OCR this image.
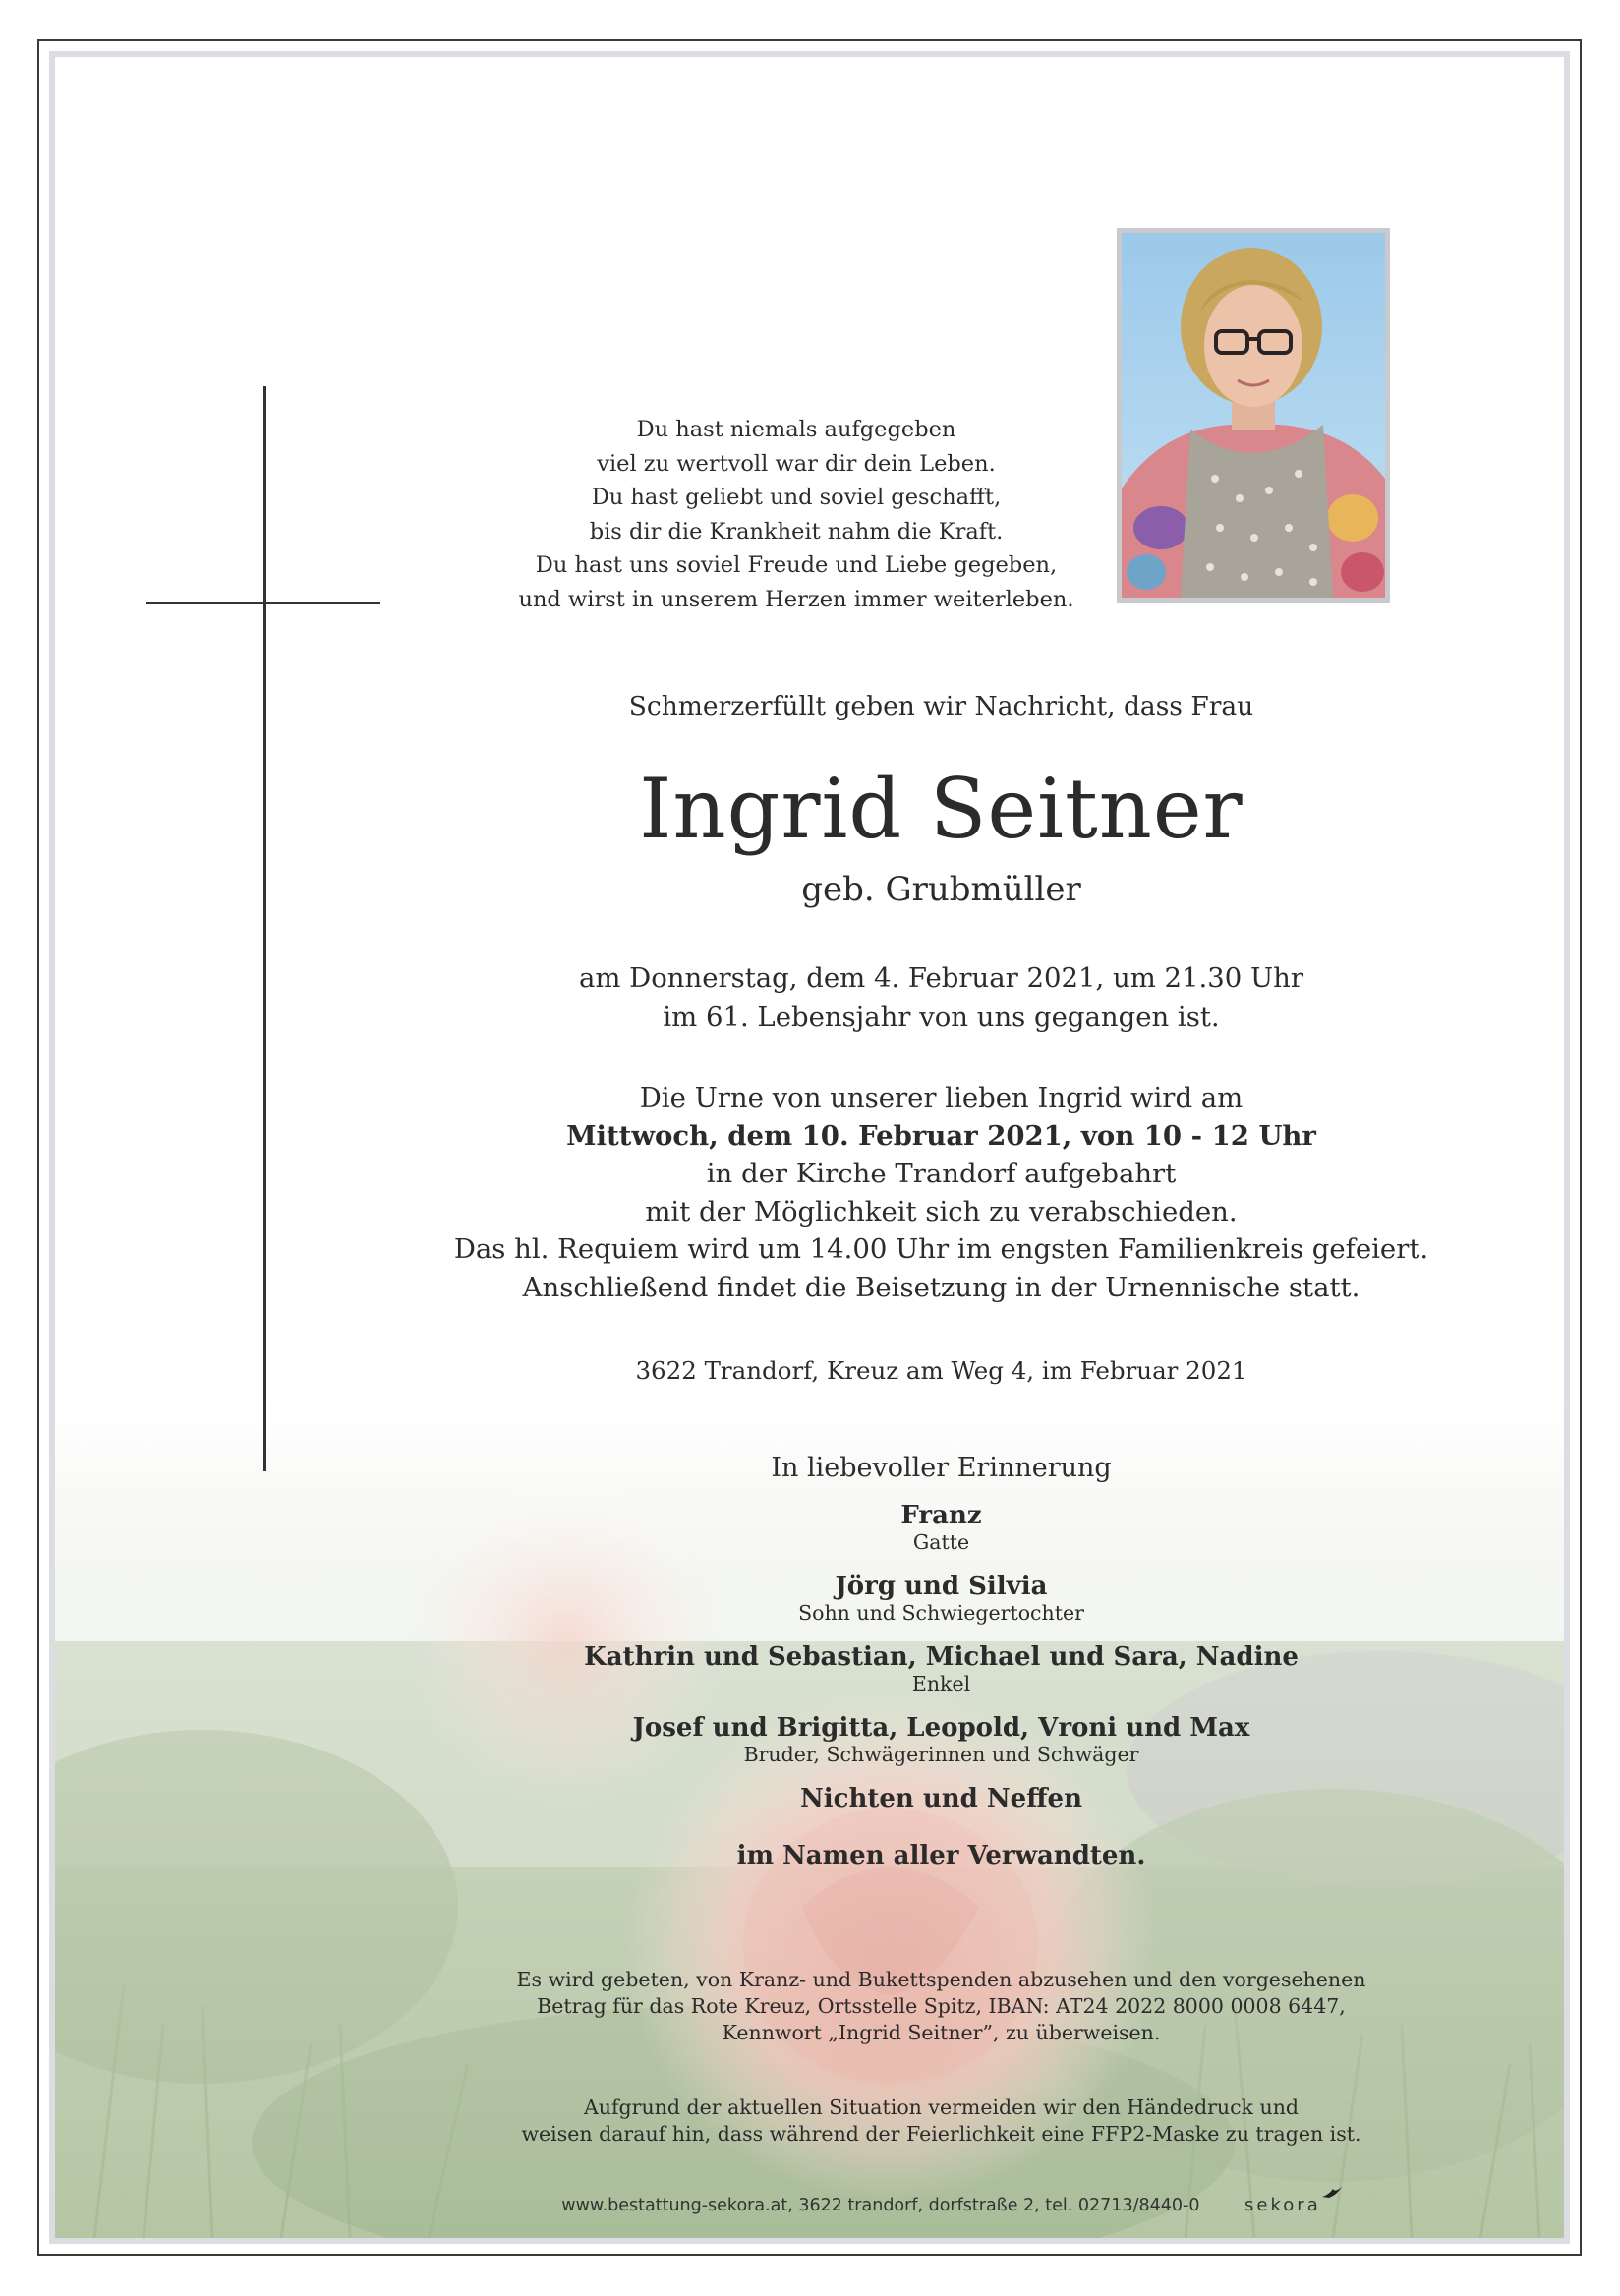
Du hast niemals aufgegeben
viel zu wertvoll war dir dein Leben.
Du hast geliebt und soviel geschafft,
bis dir die Krankheit nahm die Kraft.
Du hast uns soviel Freude und Liebe gegeben,
und wirst in unserem Herzen immer weiterleben.
Schmerzerfüllt geben wir Nachricht, dass Frau
Ingrid Seitner
geb. Grubmüller
am Donnerstag, dem 4. Februar 2021, um 21.30 Uhr
im 61. Lebensjahr von uns gegangen ist.
Die Urne von unserer lieben Ingrid wird am
Mittwoch, dem 10. Februar 2021, von 10 - 12 Uhr
in der Kirche Trandorf aufgebahrt
mit der Möglichkeit sich zu verabschieden.
Das hl. Requiem wird um 14.00 Uhr im engsten Familienkreis gefeiert.
Anschließend findet die Beisetzung in der Urnennische statt.
3622 Trandorf, Kreuz am Weg 4, im Februar 2021
In liebevoller Erinnerung
Franz
Gatte
Jörg und Silvia
Sohn und Schwiegertochter
Kathrin und Sebastian, Michael und Sara, Nadine
Enkel
Josef und Brigitta, Leopold, Vroni und Max
Bruder, Schwägerinnen und Schwäger
Nichten und Neffen
im Namen aller Verwandten.
Es wird gebeten, von Kranz- und Bukettspenden abzusehen und den vorgesehenen
Betrag für das Rote Kreuz, Ortsstelle Spitz, IBAN: AT24 2022 8000 0008 6447,
Kennwort „Ingrid Seitner”, zu überweisen.
Aufgrund der aktuellen Situation vermeiden wir den Händedruck und
weisen darauf hin, dass während der Feierlichkeit eine FFP2-Maske zu tragen ist.
www.bestattung-sekora.at, 3622 trandorf, dorfstraße 2, tel. 02713/8440-0	sekora
